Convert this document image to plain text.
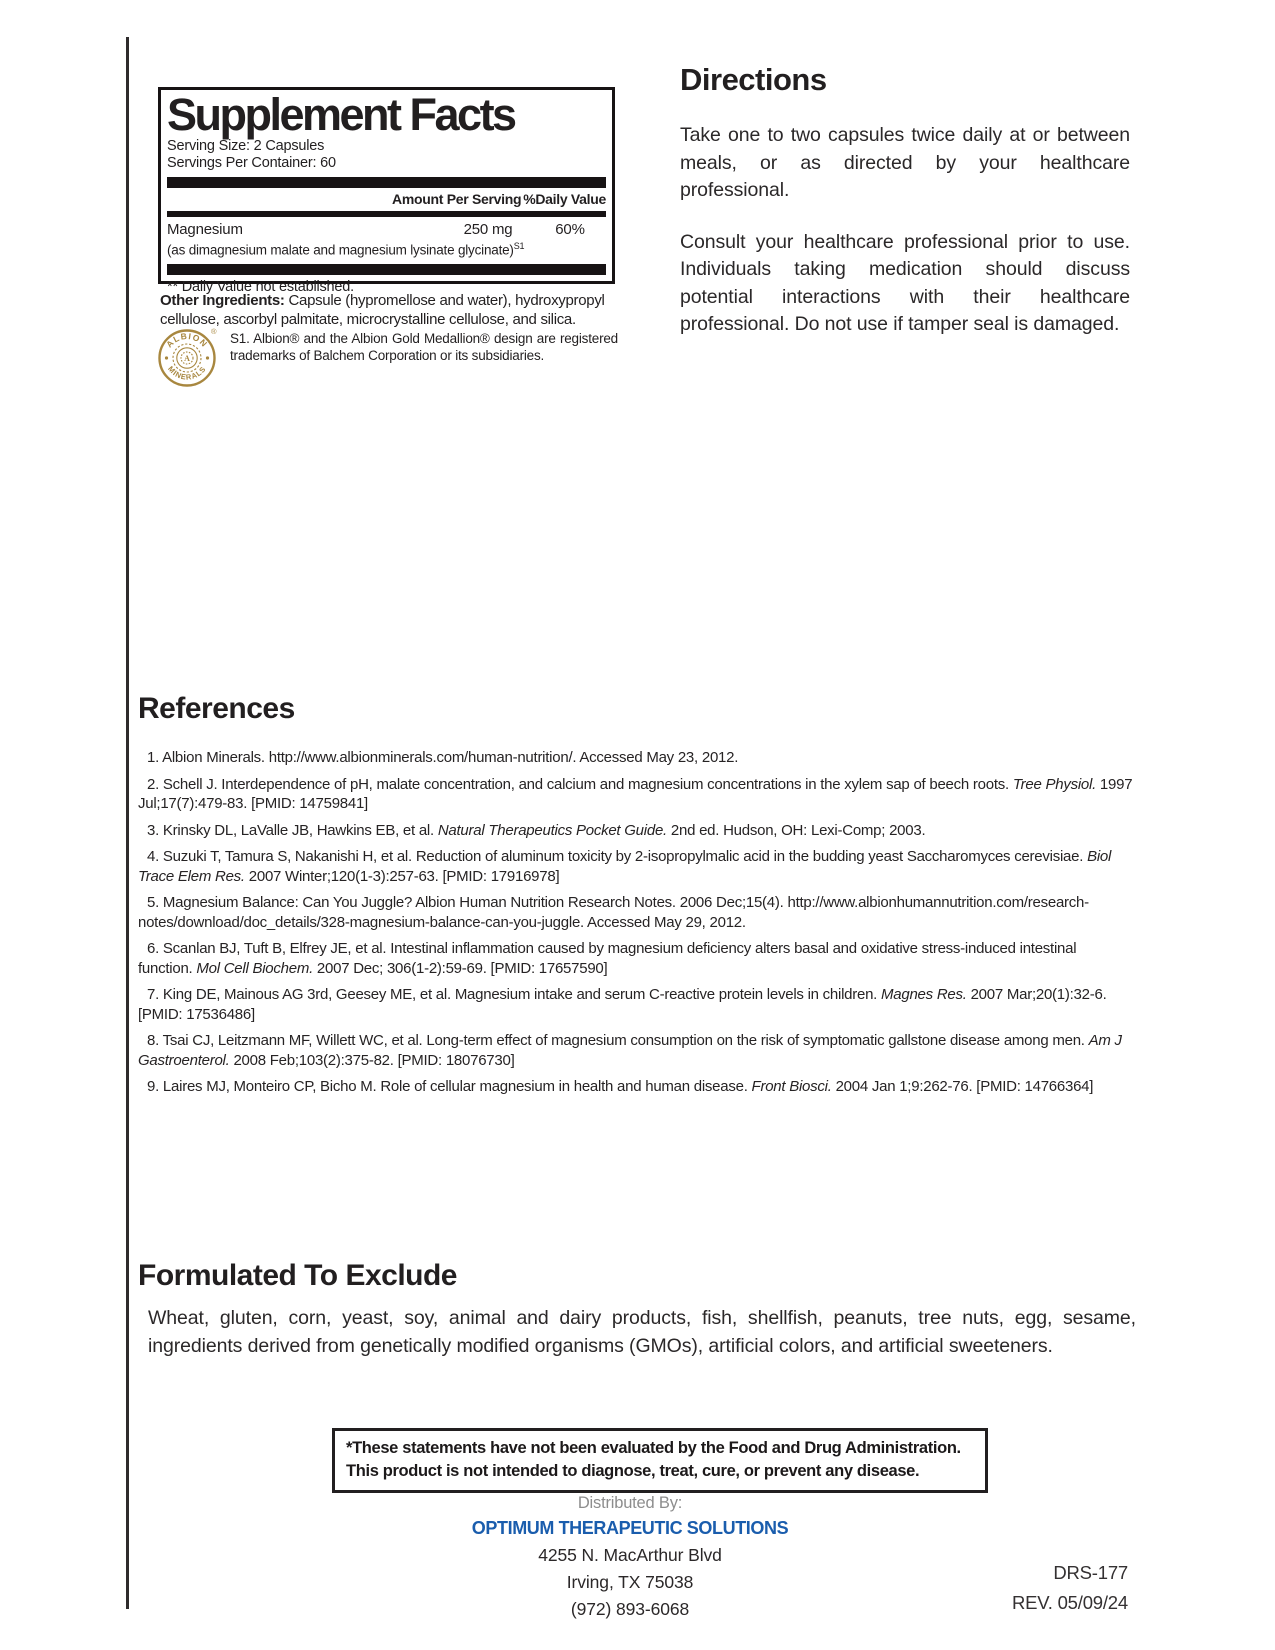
Supplement Facts
Serving Size: 2 Capsules
Servings Per Container: 60
Amount Per Serving %Daily Value
Magnesium	250 mg	60%
(as dimagnesium malate and magnesium lysinate glycinate)$^{S1}$
** Daily Value not established.
Other Ingredients: Capsule (hypromellose and water), hydroxypropyl cellulose, ascorbyl palmitate, microcrystalline cellulose, and silica.
ALBION
MINERALS
A
® S1. Albion® and the Albion Gold Medallion® design are registered trademarks of Balchem Corporation or its subsidiaries.
Directions

Take one to two capsules twice daily at or between meals, or as directed by your healthcare professional.

Consult your healthcare professional prior to use. Individuals taking medication should discuss potential interactions with their healthcare professional. Do not use if tamper seal is damaged.

References

1. Albion Minerals. http://www.albionminerals.com/human-nutrition/. Accessed May 23, 2012.

2. Schell J. Interdependence of pH, malate concentration, and calcium and magnesium concentrations in the xylem sap of beech roots. Tree Physiol. 1997 Jul;17(7):479-83. [PMID: 14759841]

3. Krinsky DL, LaValle JB, Hawkins EB, et al. Natural Therapeutics Pocket Guide. 2nd ed. Hudson, OH: Lexi-Comp; 2003.

4. Suzuki T, Tamura S, Nakanishi H, et al. Reduction of aluminum toxicity by 2-isopropylmalic acid in the budding yeast Saccharomyces cerevisiae. Biol Trace Elem Res. 2007 Winter;120(1-3):257-63. [PMID: 17916978]

5. Magnesium Balance: Can You Juggle? Albion Human Nutrition Research Notes. 2006 Dec;15(4). http://www.albionhumannutrition.com/research-notes/download/doc_details/328-magnesium-balance-can-you-juggle. Accessed May 29, 2012.

6. Scanlan BJ, Tuft B, Elfrey JE, et al. Intestinal inflammation caused by magnesium deficiency alters basal and oxidative stress-induced intestinal function. Mol Cell Biochem. 2007 Dec; 306(1-2):59-69. [PMID: 17657590]

7. King DE, Mainous AG 3rd, Geesey ME, et al. Magnesium intake and serum C-reactive protein levels in children. Magnes Res. 2007 Mar;20(1):32-6. [PMID: 17536486]

8. Tsai CJ, Leitzmann MF, Willett WC, et al. Long-term effect of magnesium consumption on the risk of symptomatic gallstone disease among men. Am J Gastroenterol. 2008 Feb;103(2):375-82. [PMID: 18076730]

9. Laires MJ, Monteiro CP, Bicho M. Role of cellular magnesium in health and human disease. Front Biosci. 2004 Jan 1;9:262-76. [PMID: 14766364]

Formulated To Exclude

Wheat, gluten, corn, yeast, soy, animal and dairy products, fish, shellfish, peanuts, tree nuts, egg, sesame, ingredients derived from genetically modified organisms (GMOs), artificial colors, and artificial sweeteners.

*These statements have not been evaluated by the Food and Drug Administration.
This product is not intended to diagnose, treat, cure, or prevent any disease.
Distributed By:
OPTIMUM THERAPEUTIC SOLUTIONS
4255 N. MacArthur Blvd
Irving, TX 75038
(972) 893-6068
DRS-177
REV. 05/09/24
